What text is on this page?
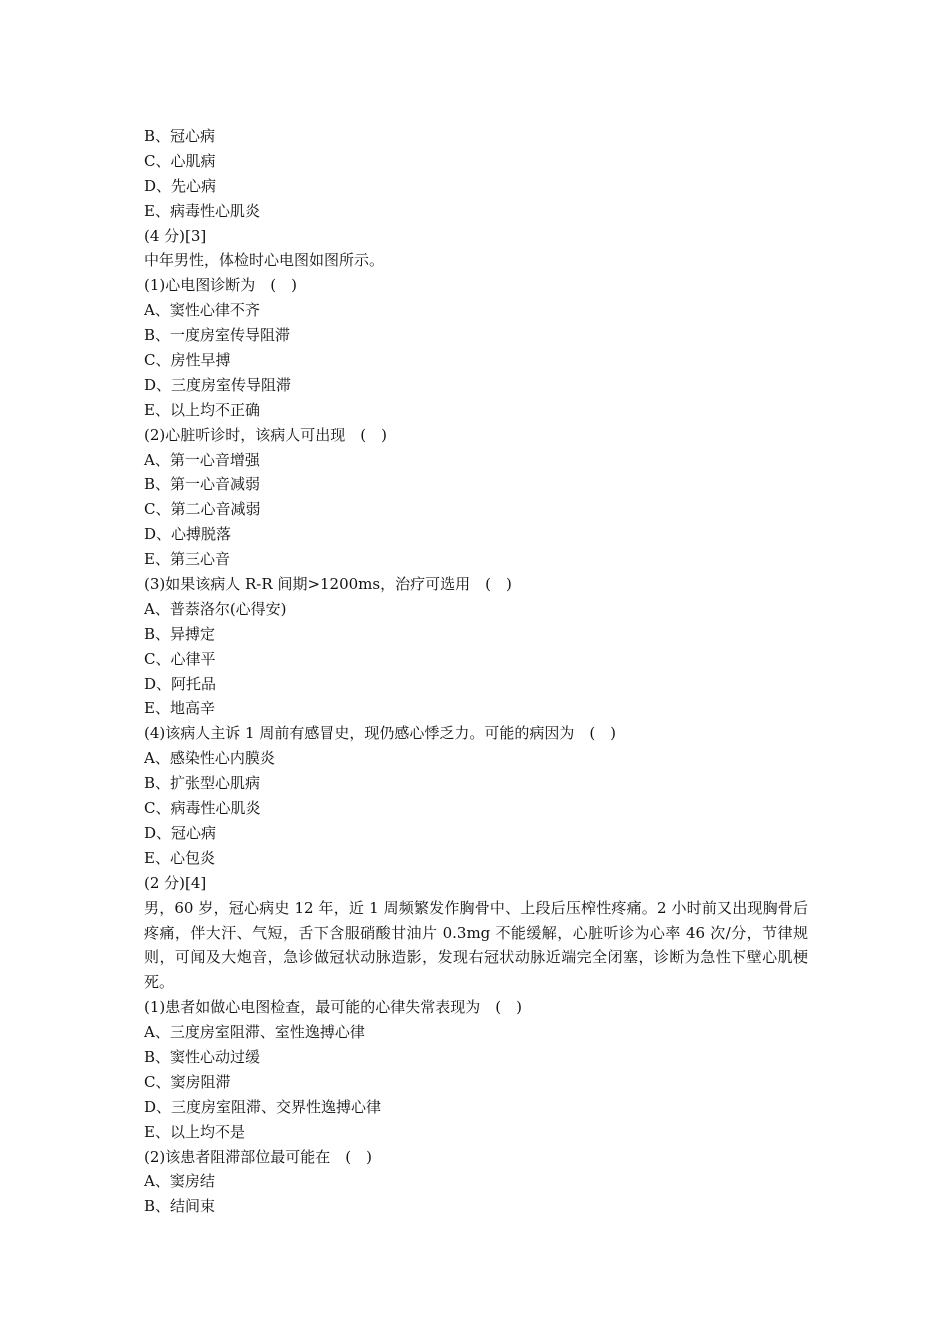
B、冠心病
C、心肌病
D、先心病
E、病毒性心肌炎
(4 分)[3]
中年男性，体检时心电图如图所示。
(1)心电图诊断为　(　)
A、窦性心律不齐
B、一度房室传导阻滞
C、房性早搏
D、三度房室传导阻滞
E、以上均不正确
(2)心脏听诊时，该病人可出现　(　)
A、第一心音增强
B、第一心音减弱
C、第二心音减弱
D、心搏脱落
E、第三心音
(3)如果该病人 R-R 间期>1200ms，治疗可选用　(　)
A、普萘洛尔(心得安)
B、异搏定
C、心律平
D、阿托品
E、地高辛
(4)该病人主诉 1 周前有感冒史，现仍感心悸乏力。可能的病因为　(　)
A、感染性心内膜炎
B、扩张型心肌病
C、病毒性心肌炎
D、冠心病
E、心包炎
(2 分)[4]
男，60 岁，冠心病史 12 年，近 1 周频繁发作胸骨中、上段后压榨性疼痛。2 小时前又出现胸骨后疼痛，伴大汗、气短，舌下含服硝酸甘油片 0.3mg 不能缓解，心脏听诊为心率 46 次/分，节律规则，可闻及大炮音，急诊做冠状动脉造影，发现右冠状动脉近端完全闭塞，诊断为急性下壁心肌梗死。
(1)患者如做心电图检查，最可能的心律失常表现为　(　)
A、三度房室阻滞、室性逸搏心律
B、窦性心动过缓
C、窦房阻滞
D、三度房室阻滞、交界性逸搏心律
E、以上均不是
(2)该患者阻滞部位最可能在　(　)
A、窦房结
B、结间束
